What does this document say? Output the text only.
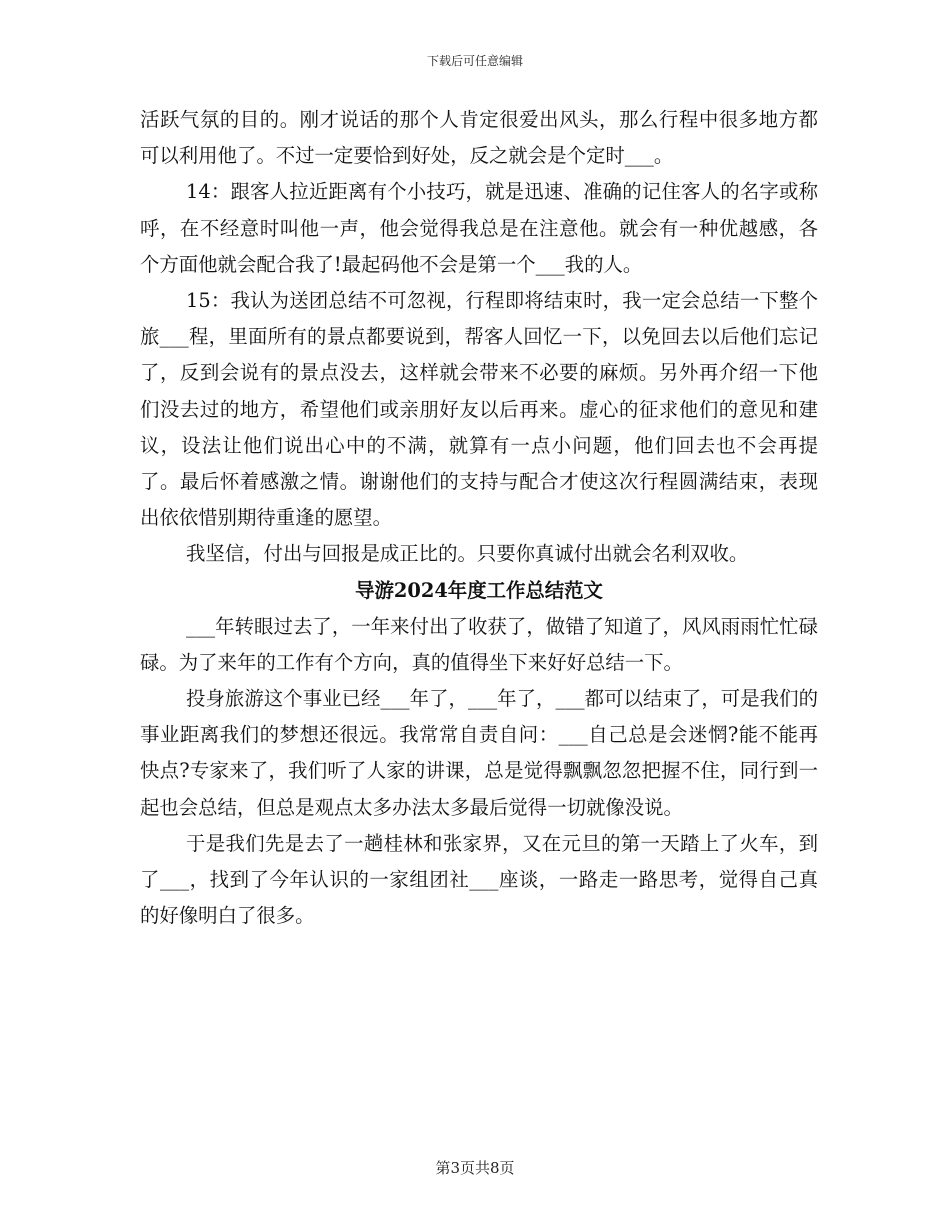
下载后可任意编辑

活跃气氛的目的。刚才说话的那个人肯定很爱出风头，那么行程中很多地方都可以利用他了。不过一定要恰到好处，反之就会是个定时___。

14：跟客人拉近距离有个小技巧，就是迅速、准确的记住客人的名字或称呼，在不经意时叫他一声，他会觉得我总是在注意他。就会有一种优越感，各个方面他就会配合我了!最起码他不会是第一个___我的人。

15：我认为送团总结不可忽视，行程即将结束时，我一定会总结一下整个旅___程，里面所有的景点都要说到，帮客人回忆一下，以免回去以后他们忘记了，反到会说有的景点没去，这样就会带来不必要的麻烦。另外再介绍一下他们没去过的地方，希望他们或亲朋好友以后再来。虚心的征求他们的意见和建议，设法让他们说出心中的不满，就算有一点小问题，他们回去也不会再提了。最后怀着感激之情。谢谢他们的支持与配合才使这次行程圆满结束，表现出依依惜别期待重逢的愿望。

我坚信，付出与回报是成正比的。只要你真诚付出就会名利双收。

导游2024年度工作总结范文

___年转眼过去了，一年来付出了收获了，做错了知道了，风风雨雨忙忙碌碌。为了来年的工作有个方向，真的值得坐下来好好总结一下。

投身旅游这个事业已经___年了，___年了，___都可以结束了，可是我们的事业距离我们的梦想还很远。我常常自责自问：___自己总是会迷惘?能不能再快点?专家来了，我们听了人家的讲课，总是觉得飘飘忽忽把握不住，同行到一起也会总结，但总是观点太多办法太多最后觉得一切就像没说。

于是我们先是去了一趟桂林和张家界，又在元旦的第一天踏上了火车，到了___，找到了今年认识的一家组团社___座谈，一路走一路思考，觉得自己真的好像明白了很多。

第3页共8页
